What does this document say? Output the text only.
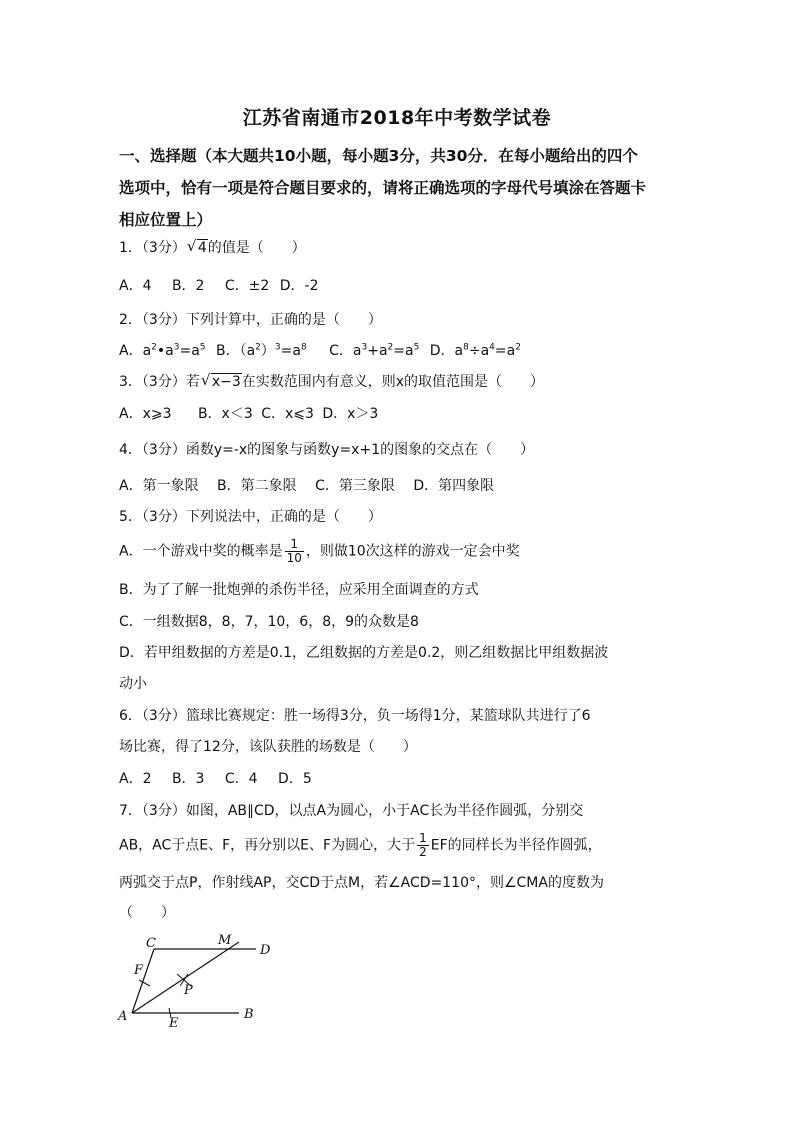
江苏省南通市2018年中考数学试卷
一、选择题（本大题共10小题，每小题3分，共30分．在每小题给出的四个
选项中，恰有一项是符合题目要求的，请将正确选项的字母代号填涂在答题卡
相应位置上）
1．（3分） √ 4的值是（　　）
A．4 B．2 C．±2 D．-2
2．（3分）下列计算中，正确的是（　　）
A．$a^2•a^3=a^5$ B．$(a^2)^3=a^8$ C．$a^3+a^2=a^5$ D．$a^8\div a^4=a^2$
3．（3分）若 √ x−3在实数范围内有意义，则x的取值范围是（　　）
A．x⩾3 B．x＜3 C．x⩽3 D．x＞3
4．（3分）函数y=-x的图象与函数y=x+1的图象的交点在（　　）
A．第一象限 B．第二象限 C．第三象限 D．第四象限
5．（3分）下列说法中，正确的是（　　）
A．一个游戏中奖的概率是 $\frac{1}{10}$ ，则做10次这样的游戏一定会中奖
B．为了了解一批炮弹的杀伤半径，应采用全面调查的方式
C．一组数据8，8，7，10，6，8，9的众数是8
D．若甲组数据的方差是0.1，乙组数据的方差是0.2，则乙组数据比甲组数据波
动小
6．（3分）篮球比赛规定：胜一场得3分，负一场得1分，某篮球队共进行了6
场比赛，得了12分，该队获胜的场数是（　　）
A．2 B．3 C．4 D．5
7．（3分）如图，AB∥CD，以点A为圆心，小于AC长为半径作圆弧，分别交
AB，AC于点E、F，再分别以E、F为圆心，大于 $\frac{1}{2}$ EF的同样长为半径作圆弧，
两弧交于点P，作射线AP，交CD于点M，若∠ACD=110°，则∠CMA的度数为
（　　）
C	M
D
F
P
A	E
B
